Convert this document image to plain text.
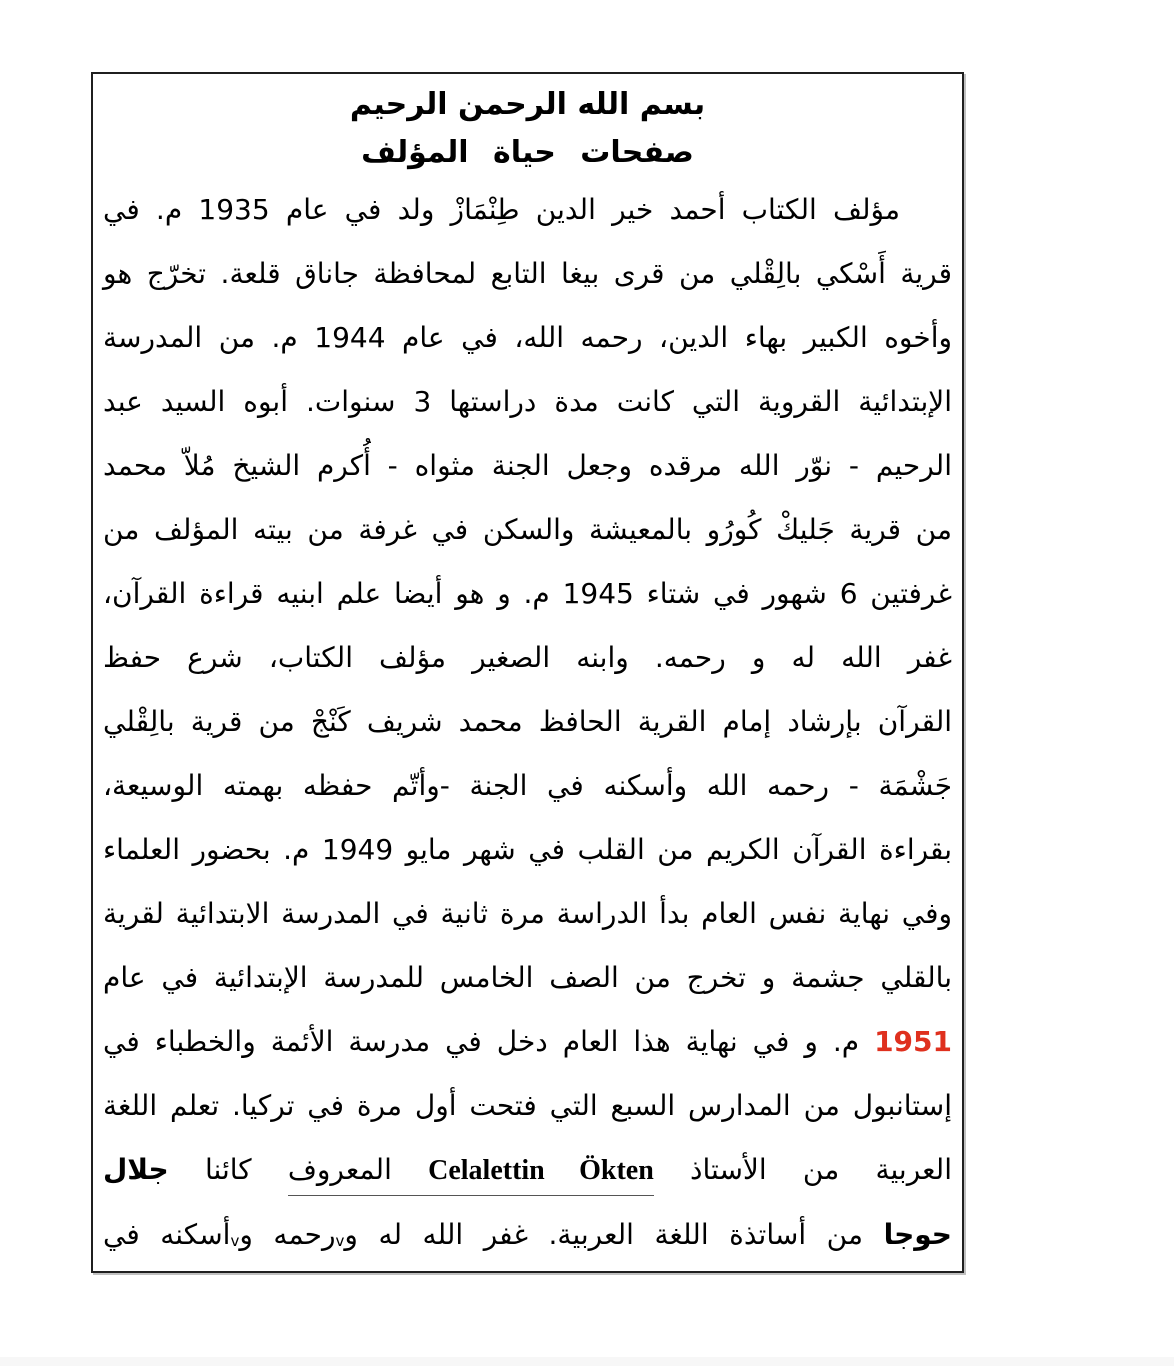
بسم الله الرحمن الرحيم
صفحات حياة المؤلف
مؤلف الكتاب أحمد خير الدين طِنْمَازْ ولد في عام 1935 م. في
قرية أَسْكي بالِقْلي من قرى بيغا التابع لمحافظة جاناق قلعة. تخرّج هو
وأخوه الكبير بهاء الدين، رحمه الله، في عام 1944 م. من المدرسة
الإبتدائية القروية التي كانت مدة دراستها 3 سنوات. أبوه السيد عبد
الرحيم - نوّر الله مرقده وجعل الجنة مثواه - أُكرم الشيخ مُلاّ محمد
من قرية جَليكْ كُورُو بالمعيشة والسكن في غرفة من بيته المؤلف من
غرفتين 6 شهور في شتاء 1945 م. و هو أيضا علم ابنيه قراءة القرآن،
غفر الله له و رحمه. وابنه الصغير مؤلف الكتاب، شرع حفظ
القرآن بإرشاد إمام القرية الحافظ محمد شريف كَنْجْ من قرية بالِقْلي
جَشْمَة - رحمه الله وأسكنه في الجنة -وأتّم حفظه بهمته الوسيعة،
بقراءة القرآن الكريم من القلب في شهر مايو 1949 م. بحضور العلماء
وفي نهاية نفس العام بدأ الدراسة مرة ثانية في المدرسة الابتدائية لقرية
بالقلي جشمة و تخرج من الصف الخامس للمدرسة الإبتدائية في عام
1951 م. و في نهاية هذا العام دخل في مدرسة الأئمة والخطباء في
إستانبول من المدارس السبع التي فتحت أول مرة في تركيا. تعلم اللغة
العربية من الأستاذ Celalettin Ökten المعروف كائنا جلال
حوجا من أساتذة اللغة العربية. غفر الله له وvرحمه وvأسكنه في
